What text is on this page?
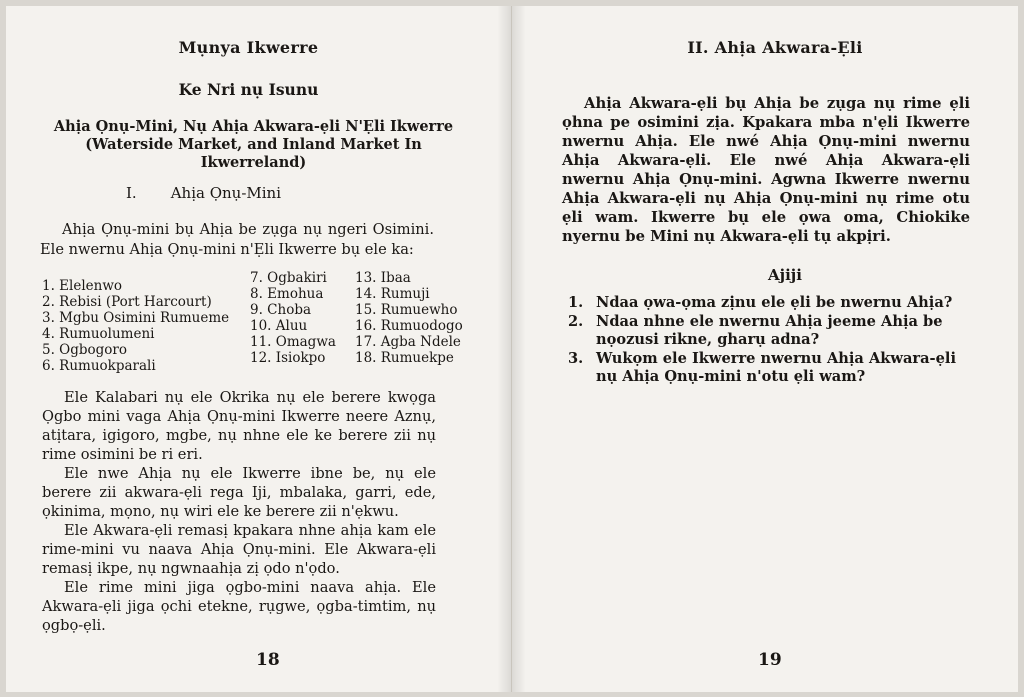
Mụnya Ikwerre
Ke Nri nụ Isunu
Ahịa Ọnụ-Mini, Nụ Ahịa Akwara-ẹli N'Ẹli Ikwerre
(Waterside Market, and Inland Market In
Ikwerreland)
I. Ahịa Ọnụ-Mini

Ahịa Ọnụ-mini bụ Ahịa be zụga nụ ngeri Osimini. Ele nwernu Ahịa Ọnụ-mini n'Ẹli Ikwerre bụ ele ka:

1. Elelenwo
2. Rebisi (Port Harcourt)
3. Mgbu Osimini Rumueme
4. Rumuolumeni
5. Ogbogoro
6. Rumuokparali
7. Ogbakiri
8. Emohua
9. Choba
10. Aluu
11. Omagwa
12. Isiokpo
13. Ibaa
14. Rumuji
15. Rumuewho
16. Rumuodogo
17. Agba Ndele
18. Rumuekpe

Ele Kalabari nụ ele Okrika nụ ele berere kwọga Ọgbo mini vaga Ahịa Ọnụ-mini Ikwerre neere Aznụ, atịtara, igigoro, mgbe, nụ nhne ele ke berere zii nụ rime osimini be ri eri.

Ele nwe Ahịa nụ ele Ikwerre ibne be, nụ ele berere zii akwara-ẹli rega Iji, mbalaka, garri, ede, ọkinima, mọno, nụ wiri ele ke berere zii n'ẹkwu.

Ele Akwara-ẹli remasị kpakara nhne ahịa kam ele rime-mini vu naava Ahịa Ọnụ-mini. Ele Akwara-ẹli remasị ikpe, nụ ngwnaahịa zị ọdo n'ọdo.

Ele rime mini jiga ọgbo-mini naava ahịa. Ele Akwara-ẹli jiga ọchi etekne, rụgwe, ọgba-timtim, nụ ọgbọ-ẹli.

18
II. Ahịa Akwara-Ẹli

Ahịa Akwara-ẹli bụ Ahịa be zụga nụ rime ẹli ọhna pe osimini zịa. Kpakara mba n'ẹli Ikwerre nwernu Ahịa. Ele nwé Ahịa Ọnụ-mini nwernu Ahịa Akwara-ẹli. Ele nwé Ahịa Akwara-ẹli nwernu Ahịa Ọnụ-mini. Agwna Ikwerre nwernu Ahịa Akwara-ẹli nụ Ahịa Ọnụ-mini nụ rime otu ẹli wam. Ikwerre bụ ele ọwa oma, Chiokike nyernu be Mini nụ Akwara-ẹli tụ akpịri.

Ajiji
1. Ndaa ọwa-ọma zịnu ele ẹli be nwernu Ahịa?
2. Ndaa nhne ele nwernu Ahịa jeeme Ahịa be nọozusi rikne, gharụ adna?
3. Wukọm ele Ikwerre nwernu Ahịa Akwara-ẹli nụ Ahịa Ọnụ-mini n'otu ẹli wam?
19
